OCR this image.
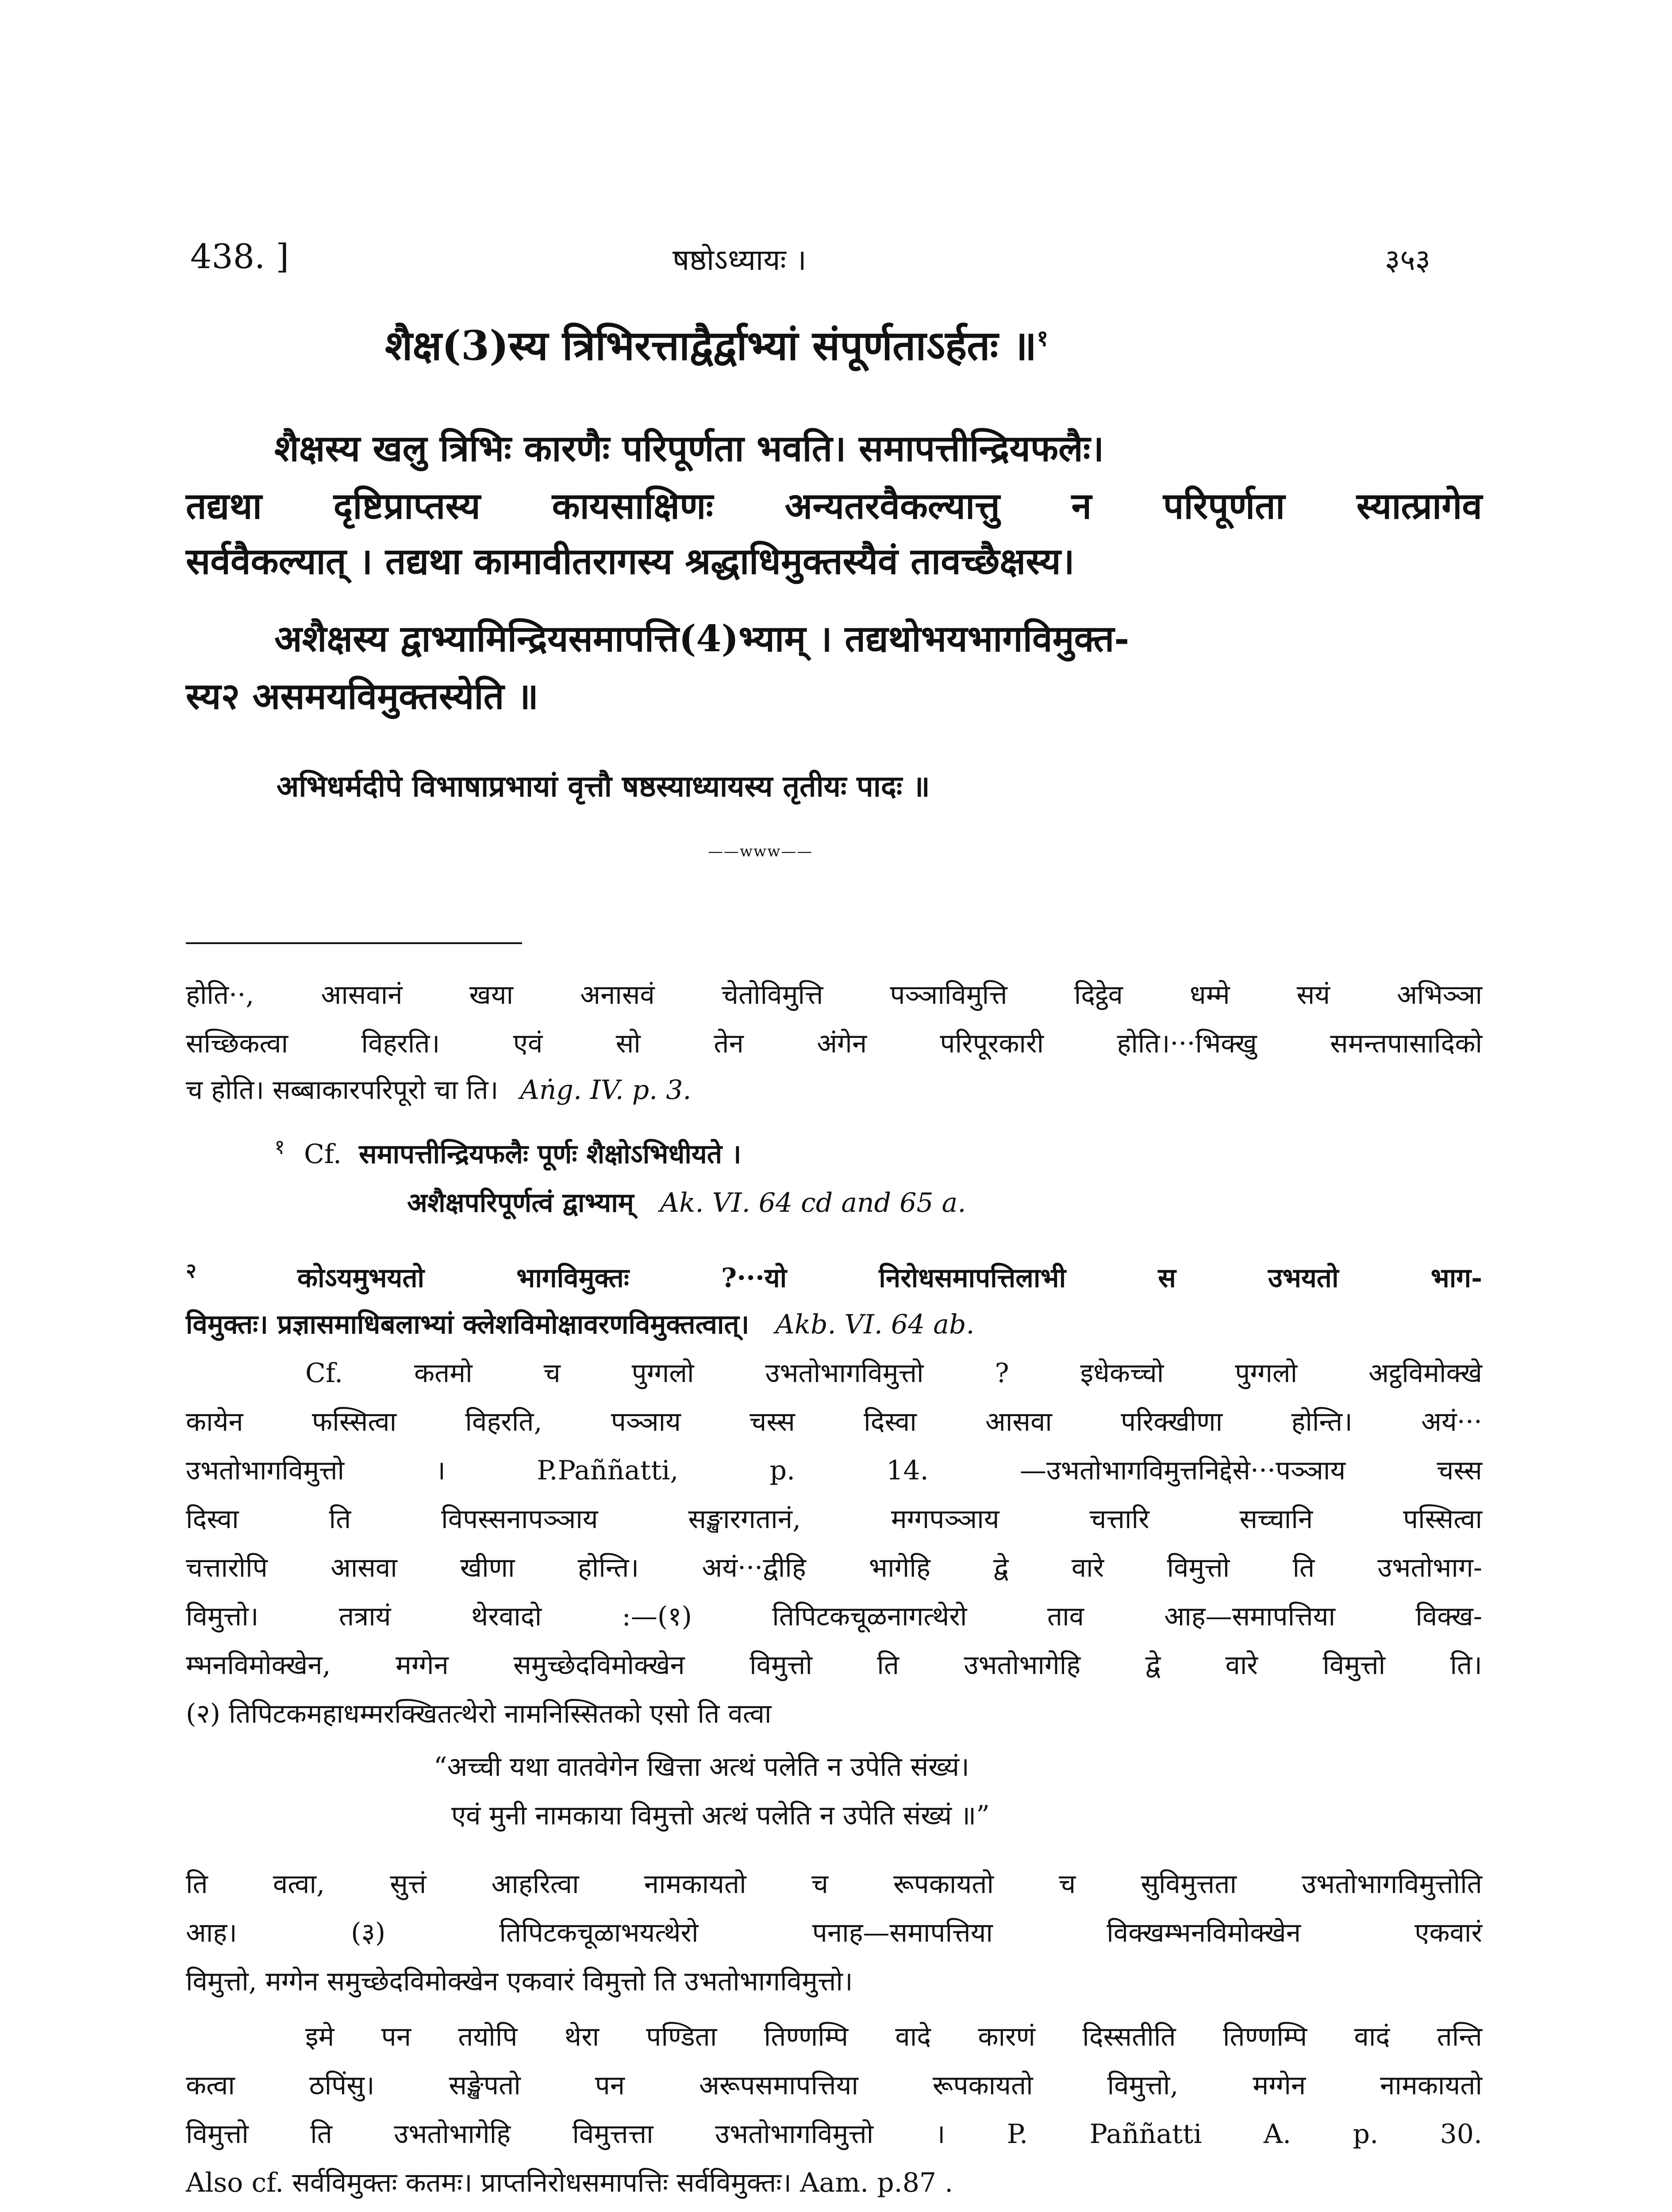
438. ]	षष्ठोऽध्यायः ।	३५३
शैक्ष(3)स्य त्रिभिरत्ताद्वैर्द्वाभ्यां संपूर्णताऽर्हतः ॥$^१$
शैक्षस्य खलु त्रिभिः कारणैः परिपूर्णता भवति। समापत्तीन्द्रियफलैः।
तद्यथा दृष्टिप्राप्तस्य कायसाक्षिणः अन्यतरवैकल्यात्तु न परिपूर्णता स्यात्प्रागेव
सर्ववैकल्यात् । तद्यथा कामावीतरागस्य श्रद्धाधिमुक्तस्यैवं तावच्छैक्षस्य।
अशैक्षस्य द्वाभ्यामिन्द्रियसमापत्ति(4)भ्याम् । तद्यथोभयभागविमुक्त-
स्य२ असमयविमुक्तस्येति ॥
अभिधर्मदीपे विभाषाप्रभायां वृत्तौ षष्ठस्याध्यायस्य तृतीयः पादः ॥
——www——
होति··, आसवानं खया अनासवं चेतोविमुत्ति पञ्ञाविमुत्ति दिट्ठेव धम्मे सयं अभिञ्ञा
सच्छिकत्वा विहरति। एवं सो तेन अंगेन परिपूरकारी होति।···भिक्खु समन्तपासादिको
च होति। सब्बाकारपरिपूरो चा ति। Aṅg. IV. p. 3.
$^१$ Cf. समापत्तीन्द्रियफलैः पूर्णः शैक्षोऽभिधीयते ।
अशैक्षपरिपूर्णत्वं द्वाभ्याम् Ak. VI. 64 cd and 65 a.
$^२$	कोऽयमुभयतो भागविमुक्तः ?···यो निरोधसमापत्तिलाभी स उभयतो भाग-
विमुक्तः। प्रज्ञासमाधिबलाभ्यां क्लेशविमोक्षावरणविमुक्तत्वात्। Akb. VI. 64 ab.
Cf. कतमो च पुग्गलो उभतोभागविमुत्तो ? इधेकच्चो पुग्गलो अट्ठविमोक्खे
कायेन फस्सित्वा विहरति, पञ्ञाय चस्स दिस्वा आसवा परिक्खीणा होन्ति। अयं···
उभतोभागविमुत्तो । P.Paññatti, p. 14. —उभतोभागविमुत्तनिद्देसे···पञ्ञाय चस्स
दिस्वा ति विपस्सनापञ्ञाय सङ्खारगतानं, मग्गपञ्ञाय चत्तारि सच्चानि पस्सित्वा
चत्तारोपि आसवा खीणा होन्ति। अयं···द्वीहि भागेहि द्वे वारे विमुत्तो ति उभतोभाग-
विमुत्तो। तत्रायं थेरवादो :—(१) तिपिटकचूळनागत्थेरो ताव आह—समापत्तिया विक्ख-
म्भनविमोक्खेन, मग्गेन समुच्छेदविमोक्खेन विमुत्तो ति उभतोभागेहि द्वे वारे विमुत्तो ति।
(२) तिपिटकमहाधम्मरक्खितत्थेरो नामनिस्सितको एसो ति वत्वा
“अच्ची यथा वातवेगेन खित्ता अत्थं पलेति न उपेति संख्यं।
एवं मुनी नामकाया विमुत्तो अत्थं पलेति न उपेति संख्यं ॥”
ति वत्वा, सुत्तं आहरित्वा नामकायतो च रूपकायतो च सुविमुत्तता उभतोभागविमुत्तोति
आह। (३) तिपिटकचूळाभयत्थेरो पनाह—समापत्तिया विक्खम्भनविमोक्खेन एकवारं
विमुत्तो, मग्गेन समुच्छेदविमोक्खेन एकवारं विमुत्तो ति उभतोभागविमुत्तो।
इमे पन तयोपि थेरा पण्डिता तिण्णम्पि वादे कारणं दिस्सतीति तिण्णम्पि वादं तन्ति
कत्वा ठपिंसु। सङ्खेपतो पन अरूपसमापत्तिया रूपकायतो विमुत्तो, मग्गेन नामकायतो
विमुत्तो ति उभतोभागेहि विमुत्तत्ता उभतोभागविमुत्तो । P. Paññatti A. p. 30.
Also cf. सर्वविमुक्तः कतमः। प्राप्तनिरोधसमापत्तिः सर्वविमुक्तः। Aam. p.87 .
